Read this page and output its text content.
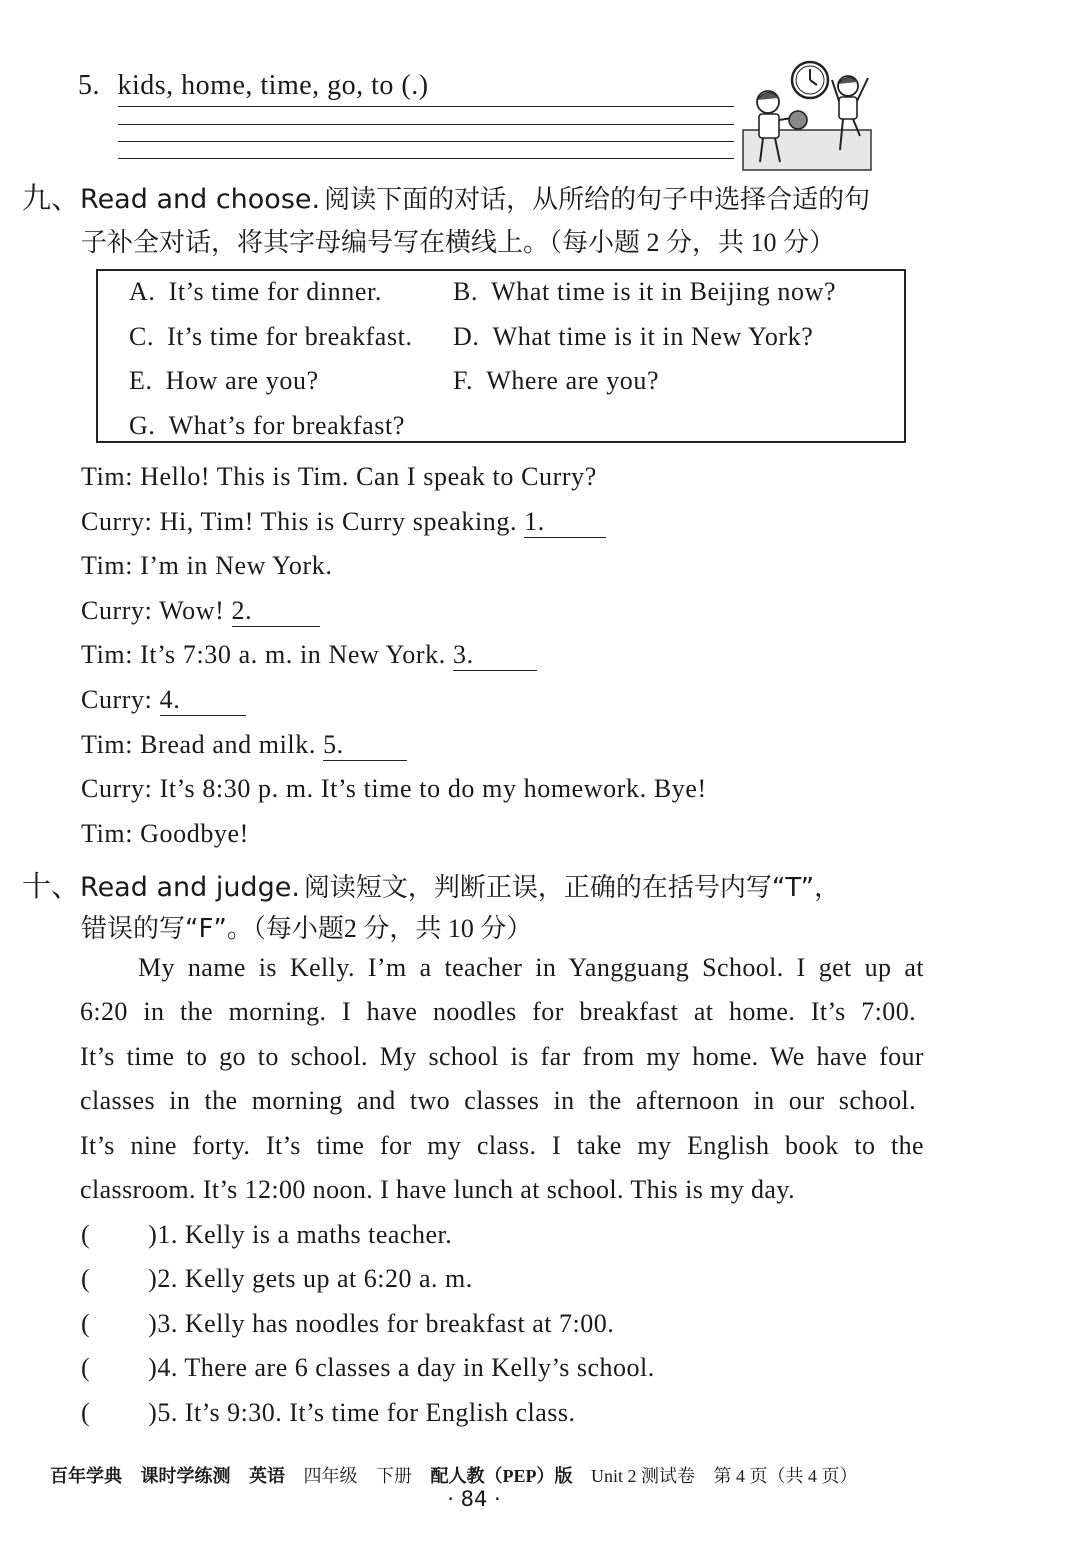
5. kids, home, time, go, to (.)
九、Read and choose. 阅读下面的对话，从所给的句子中选择合适的句
子补全对话，将其字母编号写在横线上。（每小题 2 分，共 10 分）
A. It’s time for dinner.	B. What time is it in Beijing now?
C. It’s time for breakfast. D. What time is it in New York?
E. How are you?	F. Where are you?
G. What’s for breakfast?
Tim: Hello! This is Tim. Can I speak to Curry?
Curry: Hi, Tim! This is Curry speaking. 1.
Tim: I’m in New York.
Curry: Wow! 2.
Tim: It’s 7:30 a. m. in New York. 3.
Curry: 4.
Tim: Bread and milk. 5.
Curry: It’s 8:30 p. m. It’s time to do my homework. Bye!
Tim: Goodbye!
十、Read and judge. 阅读短文，判断正误，正确的在括号内写“T”，
错误的写“F”。（每小题2 分，共 10 分）
My name is Kelly. I’m a teacher in Yangguang School. I get up at
6:20 in the morning. I have noodles for breakfast at home. It’s 7:00.
It’s time to go to school. My school is far from my home. We have four
classes in the morning and two classes in the afternoon in our school.
It’s nine forty. It’s time for my class. I take my English book to the
classroom. It’s 12:00 noon. I have lunch at school. This is my day.
( )1. Kelly is a maths teacher.
( )2. Kelly gets up at 6:20 a. m.
( )3. Kelly has noodles for breakfast at 7:00.
( )4. There are 6 classes a day in Kelly’s school.
( )5. It’s 9:30. It’s time for English class.
百年学典 课时学练测 英语 四年级 下册 配人教（PEP）版 Unit 2 测试卷 第 4 页（共 4 页）
· 84 ·
